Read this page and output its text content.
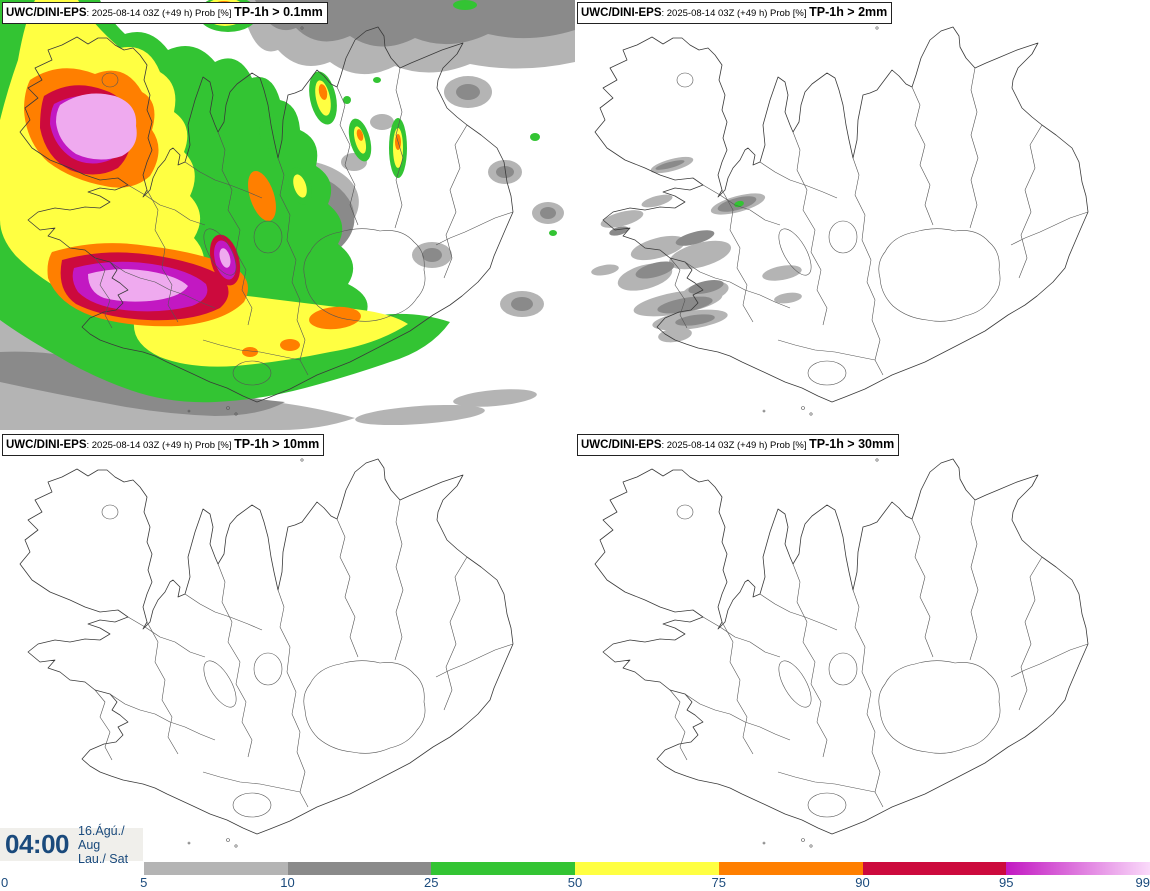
UWC/DINI-EPS: 2025-08-14 03Z (+49 h) Prob [%] TP-1h > 0.1mm	UWC/DINI-EPS: 2025-08-14 03Z (+49 h) Prob [%] TP-1h > 2mm
UWC/DINI-EPS: 2025-08-14 03Z (+49 h) Prob [%] TP-1h > 10mm	UWC/DINI-EPS: 2025-08-14 03Z (+49 h) Prob [%] TP-1h > 30mm
04:00 16.Ágú./ Aug
Lau./ Sat
0	5	10	25	50	75	90	95	99
